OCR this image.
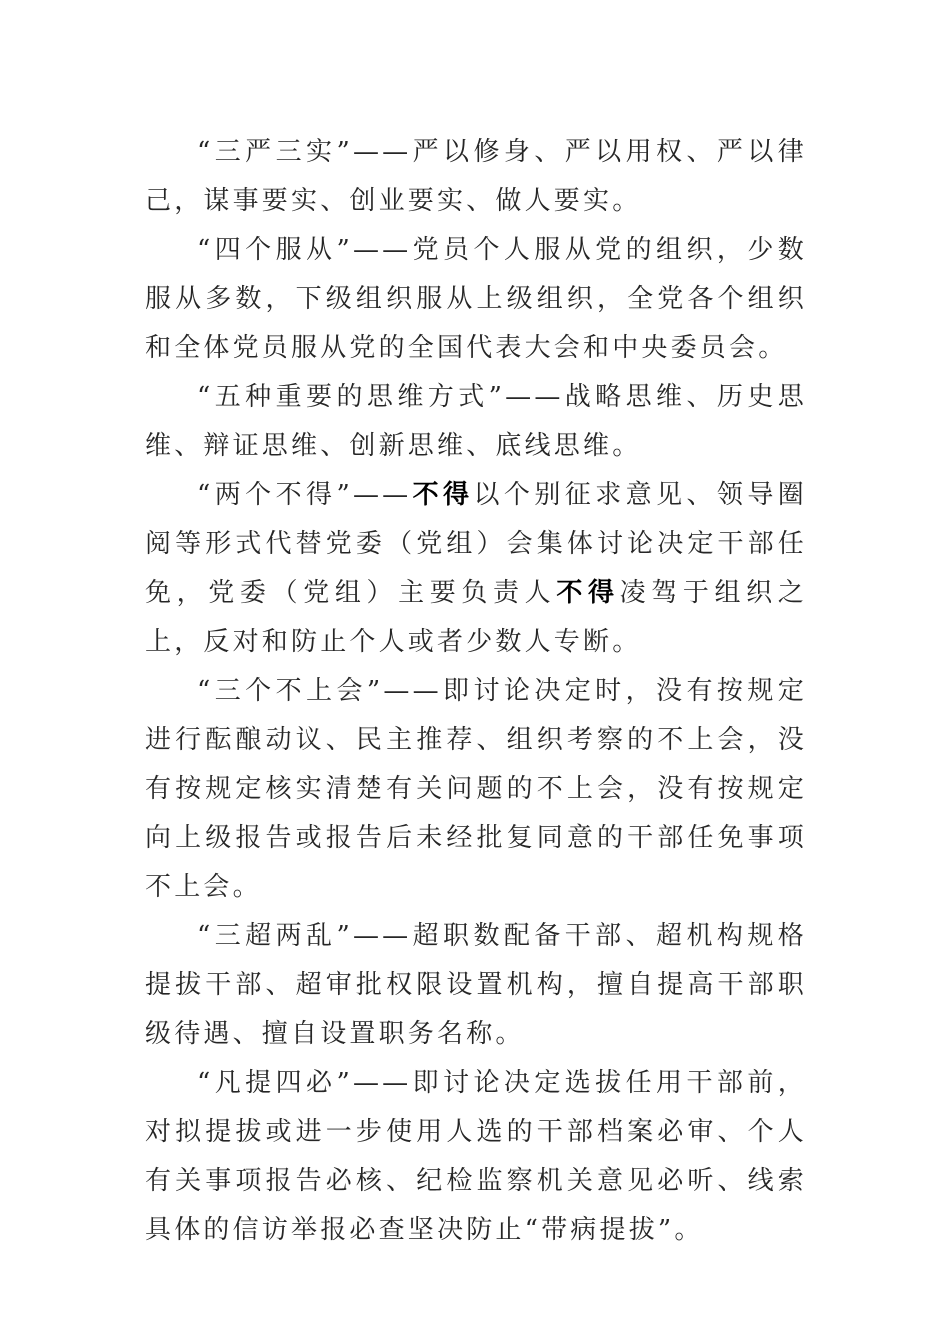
“三严三实”——严以修身、严以用权、严以律己，谋事要实、创业要实、做人要实。

“四个服从”——党员个人服从党的组织，少数服从多数，下级组织服从上级组织，全党各个组织和全体党员服从党的全国代表大会和中央委员会。

“五种重要的思维方式”——战略思维、历史思维、辩证思维、创新思维、底线思维。

“两个不得”——不得以个别征求意见、领导圈阅等形式代替党委（党组）会集体讨论决定干部任免，党委（党组）主要负责人不得凌驾于组织之上，反对和防止个人或者少数人专断。

“三个不上会”——即讨论决定时，没有按规定进行酝酿动议、民主推荐、组织考察的不上会，没有按规定核实清楚有关问题的不上会，没有按规定向上级报告或报告后未经批复同意的干部任免事项不上会。

“三超两乱”——超职数配备干部、超机构规格提拔干部、超审批权限设置机构，擅自提高干部职级待遇、擅自设置职务名称。

“凡提四必”——即讨论决定选拔任用干部前，对拟提拔或进一步使用人选的干部档案必审、个人有关事项报告必核、纪检监察机关意见必听、线索具体的信访举报必查坚决防止“带病提拔”。
